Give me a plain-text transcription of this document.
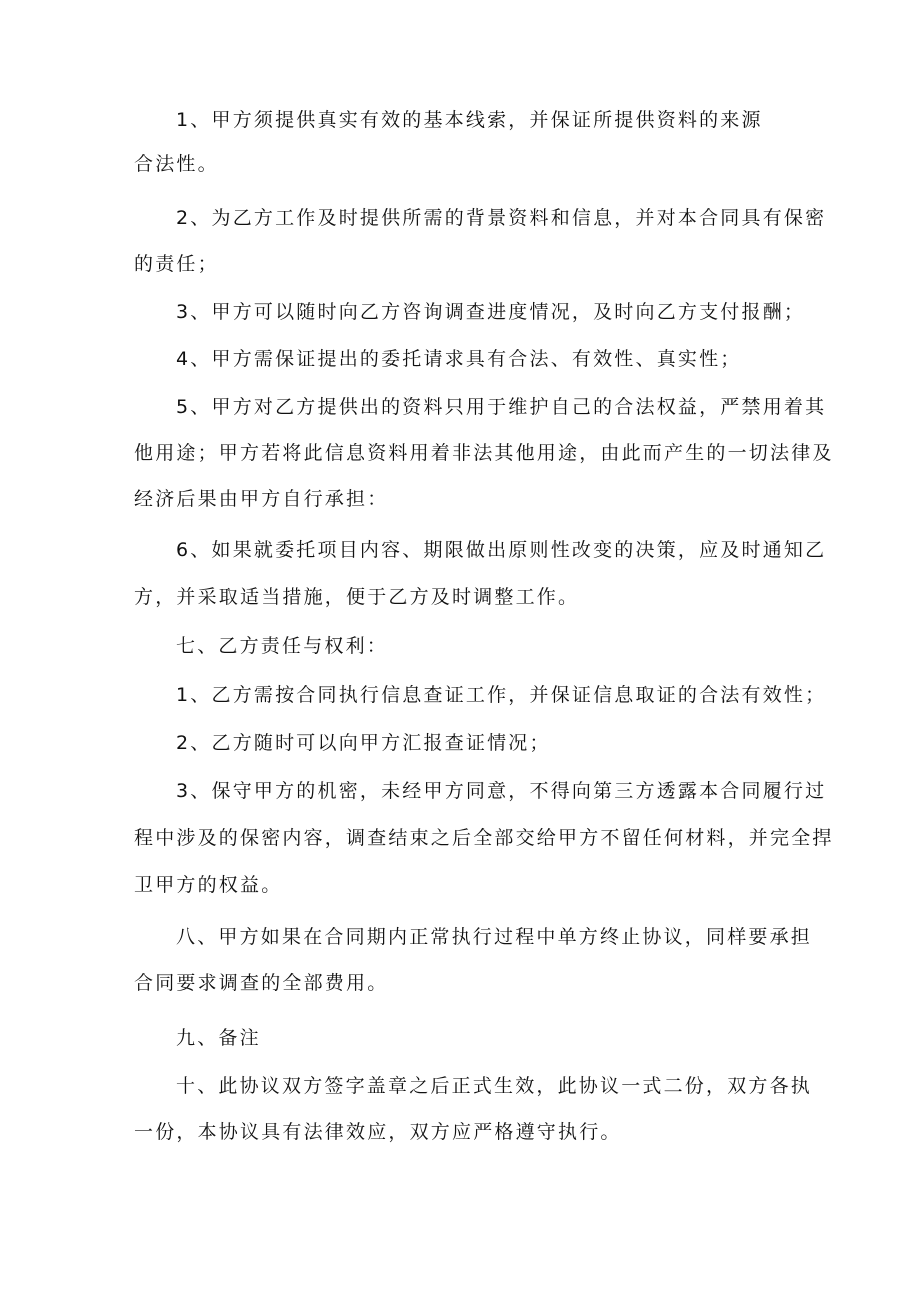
1、甲方须提供真实有效的基本线索，并保证所提供资料的来源
合法性。
2、为乙方工作及时提供所需的背景资料和信息，并对本合同具有保密
的责任；
3、甲方可以随时向乙方咨询调查进度情况，及时向乙方支付报酬；
4、甲方需保证提出的委托请求具有合法、有效性、真实性；
5、甲方对乙方提供出的资料只用于维护自己的合法权益，严禁用着其
他用途；甲方若将此信息资料用着非法其他用途，由此而产生的一切法律及
经济后果由甲方自行承担：
6、如果就委托项目内容、期限做出原则性改变的决策，应及时通知乙
方，并采取适当措施，便于乙方及时调整工作。
七、乙方责任与权利：
1、乙方需按合同执行信息查证工作，并保证信息取证的合法有效性；
2、乙方随时可以向甲方汇报查证情况；
3、保守甲方的机密，未经甲方同意，不得向第三方透露本合同履行过
程中涉及的保密内容，调查结束之后全部交给甲方不留任何材料，并完全捍
卫甲方的权益。
八、甲方如果在合同期内正常执行过程中单方终止协议，同样要承担
合同要求调查的全部费用。
九、备注
十、此协议双方签字盖章之后正式生效，此协议一式二份，双方各执
一份，本协议具有法律效应，双方应严格遵守执行。
